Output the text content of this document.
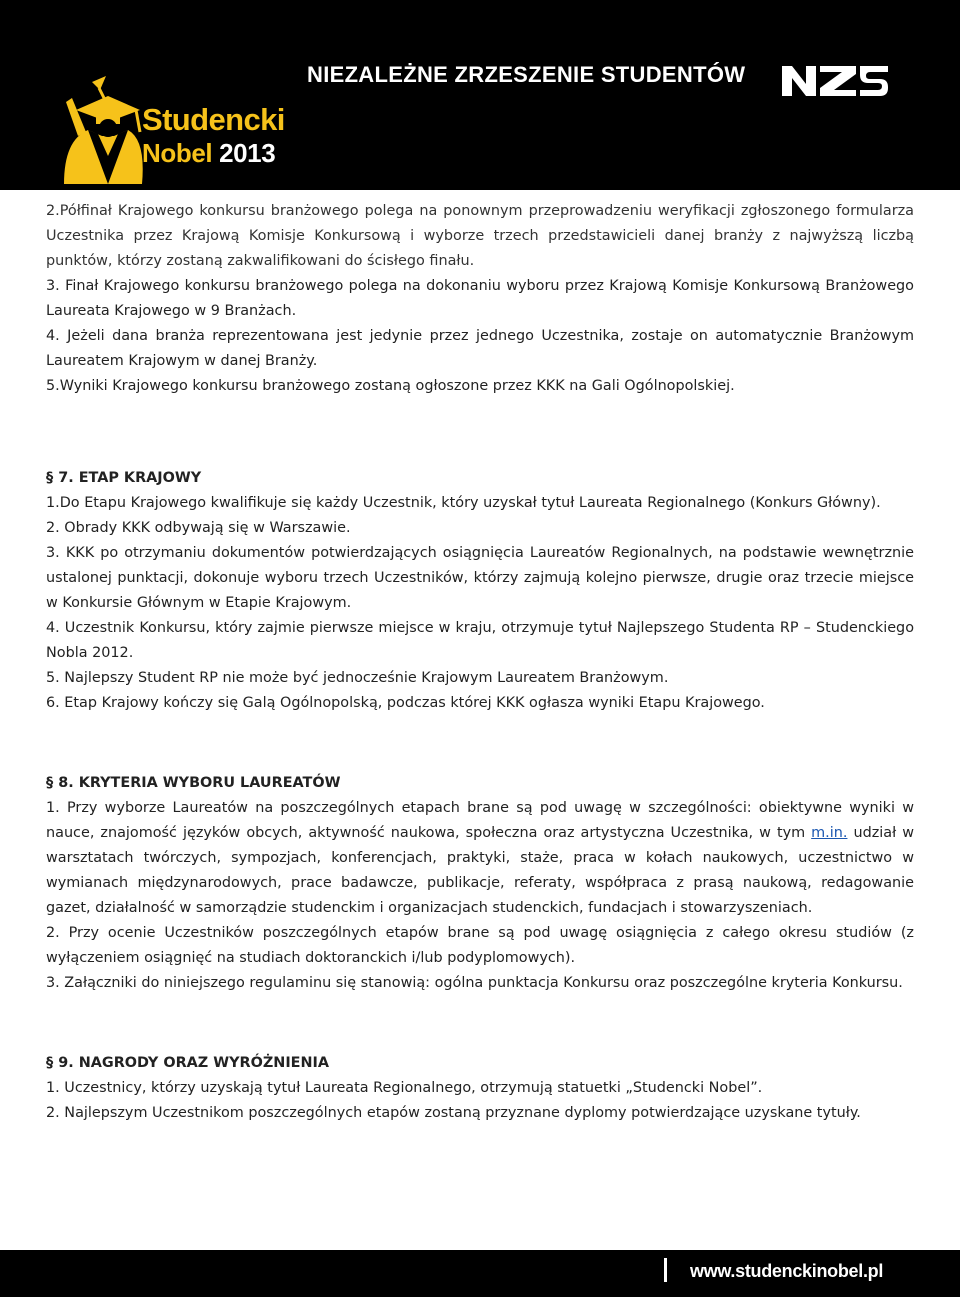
NIEZALEŻNE ZRZESZENIE STUDENTÓW
Studencki
Nobel 2013

2.Półfinał Krajowego konkursu branżowego polega na ponownym przeprowadzeniu weryfikacji zgłoszonego formularza Uczestnika przez Krajową Komisje Konkursową i wyborze trzech przedstawicieli danej branży z najwyższą liczbą punktów, którzy zostaną zakwalifikowani do ścisłego finału.

3. Finał Krajowego konkursu branżowego polega na dokonaniu wyboru przez Krajową Komisje Konkursową Branżowego Laureata Krajowego w 9 Branżach.

4. Jeżeli dana branża reprezentowana jest jedynie przez jednego Uczestnika, zostaje on automatycznie Branżowym Laureatem Krajowym w danej Branży.

5.Wyniki Krajowego konkursu branżowego zostaną ogłoszone przez KKK na Gali Ogólnopolskiej.

§ 7. ETAP KRAJOWY

1.Do Etapu Krajowego kwalifikuje się każdy Uczestnik, który uzyskał tytuł Laureata Regionalnego (Konkurs Główny).

2. Obrady KKK odbywają się w Warszawie.

3. KKK po otrzymaniu dokumentów potwierdzających osiągnięcia Laureatów Regionalnych, na podstawie wewnętrznie ustalonej punktacji, dokonuje wyboru trzech Uczestników, którzy zajmują kolejno pierwsze, drugie oraz trzecie miejsce w Konkursie Głównym w Etapie Krajowym.

4. Uczestnik Konkursu, który zajmie pierwsze miejsce w kraju, otrzymuje tytuł Najlepszego Studenta RP – Studenckiego Nobla 2012.

5. Najlepszy Student RP nie może być jednocześnie Krajowym Laureatem Branżowym.

6. Etap Krajowy kończy się Galą Ogólnopolską, podczas której KKK ogłasza wyniki Etapu Krajowego.

§ 8. KRYTERIA WYBORU LAUREATÓW

1. Przy wyborze Laureatów na poszczególnych etapach brane są pod uwagę w szczególności: obiektywne wyniki w nauce, znajomość języków obcych, aktywność naukowa, społeczna oraz artystyczna Uczestnika, w tym m.in. udział w warsztatach twórczych, sympozjach, konferencjach, praktyki, staże, praca w kołach naukowych, uczestnictwo w wymianach międzynarodowych, prace badawcze, publikacje, referaty, współpraca z prasą naukową, redagowanie gazet, działalność w samorządzie studenckim i organizacjach studenckich, fundacjach i stowarzyszeniach.

2. Przy ocenie Uczestników poszczególnych etapów brane są pod uwagę osiągnięcia z całego okresu studiów (z wyłączeniem osiągnięć na studiach doktoranckich i/lub podyplomowych).

3. Załączniki do niniejszego regulaminu się stanowią: ogólna punktacja Konkursu oraz poszczególne kryteria Konkursu.

§ 9. NAGRODY ORAZ WYRÓŻNIENIA

1. Uczestnicy, którzy uzyskają tytuł Laureata Regionalnego, otrzymują statuetki „Studencki Nobel”.

2. Najlepszym Uczestnikom poszczególnych etapów zostaną przyznane dyplomy potwierdzające uzyskane tytuły.

www.studenckinobel.pl
